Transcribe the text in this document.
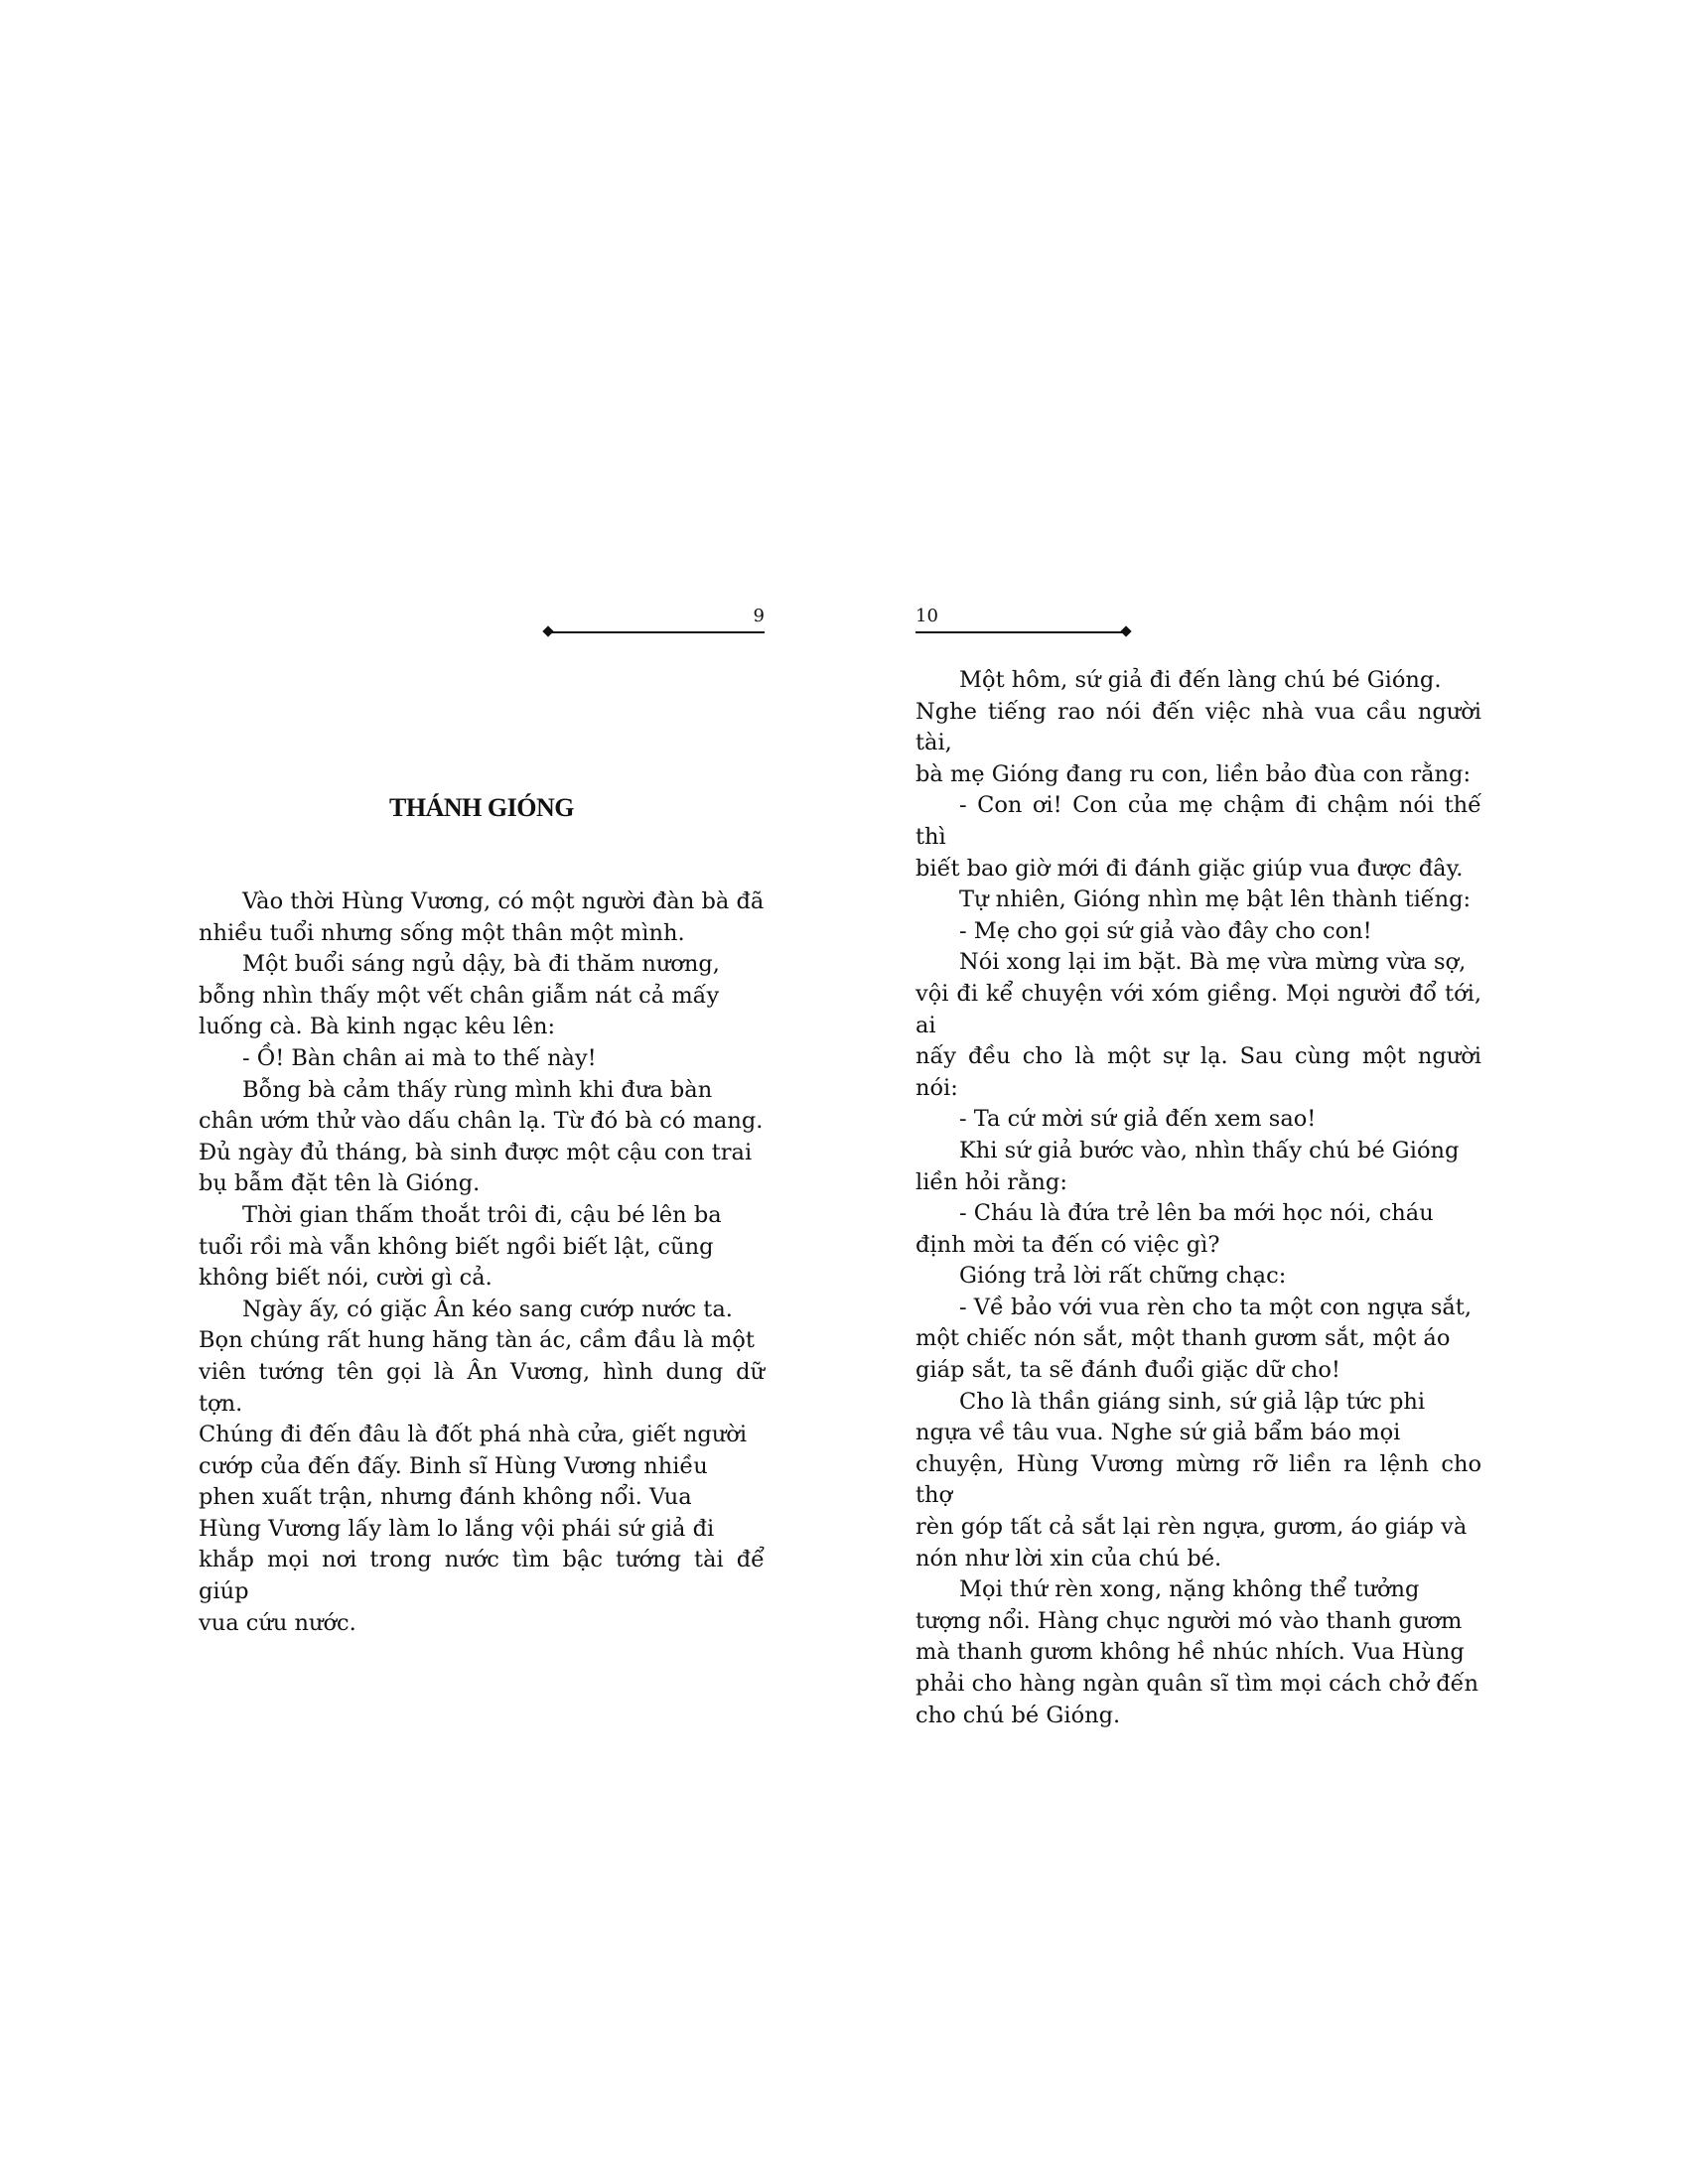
9
THÁNH GIÓNG

Vào thời Hùng Vương, có một người đàn bà đã
nhiều tuổi nhưng sống một thân một mình.

Một buổi sáng ngủ dậy, bà đi thăm nương,
bỗng nhìn thấy một vết chân giẫm nát cả mấy
luống cà. Bà kinh ngạc kêu lên:

- Ồ! Bàn chân ai mà to thế này!

Bỗng bà cảm thấy rùng mình khi đưa bàn
chân ướm thử vào dấu chân lạ. Từ đó bà có mang.
Đủ ngày đủ tháng, bà sinh được một cậu con trai
bụ bẫm đặt tên là Gióng.

Thời gian thấm thoắt trôi đi, cậu bé lên ba
tuổi rồi mà vẫn không biết ngồi biết lật, cũng
không biết nói, cười gì cả.

Ngày ấy, có giặc Ân kéo sang cướp nước ta.
Bọn chúng rất hung hăng tàn ác, cầm đầu là một
viên tướng tên gọi là Ân Vương, hình dung dữ tợn.
Chúng đi đến đâu là đốt phá nhà cửa, giết người
cướp của đến đấy. Binh sĩ Hùng Vương nhiều
phen xuất trận, nhưng đánh không nổi. Vua
Hùng Vương lấy làm lo lắng vội phái sứ giả đi
khắp mọi nơi trong nước tìm bậc tướng tài để giúp
vua cứu nước.

10

Một hôm, sứ giả đi đến làng chú bé Gióng.
Nghe tiếng rao nói đến việc nhà vua cầu người tài,
bà mẹ Gióng đang ru con, liền bảo đùa con rằng:

- Con ơi! Con của mẹ chậm đi chậm nói thế thì
biết bao giờ mới đi đánh giặc giúp vua được đây.

Tự nhiên, Gióng nhìn mẹ bật lên thành tiếng:

- Mẹ cho gọi sứ giả vào đây cho con!

Nói xong lại im bặt. Bà mẹ vừa mừng vừa sợ,
vội đi kể chuyện với xóm giềng. Mọi người đổ tới, ai
nấy đều cho là một sự lạ. Sau cùng một người nói:

- Ta cứ mời sứ giả đến xem sao!

Khi sứ giả bước vào, nhìn thấy chú bé Gióng
liền hỏi rằng:

- Cháu là đứa trẻ lên ba mới học nói, cháu
định mời ta đến có việc gì?

Gióng trả lời rất chững chạc:

- Về bảo với vua rèn cho ta một con ngựa sắt,
một chiếc nón sắt, một thanh gươm sắt, một áo
giáp sắt, ta sẽ đánh đuổi giặc dữ cho!

Cho là thần giáng sinh, sứ giả lập tức phi
ngựa về tâu vua. Nghe sứ giả bẩm báo mọi
chuyện, Hùng Vương mừng rỡ liền ra lệnh cho thợ
rèn góp tất cả sắt lại rèn ngựa, gươm, áo giáp và
nón như lời xin của chú bé.

Mọi thứ rèn xong, nặng không thể tưởng
tượng nổi. Hàng chục người mó vào thanh gươm
mà thanh gươm không hề nhúc nhích. Vua Hùng
phải cho hàng ngàn quân sĩ tìm mọi cách chở đến
cho chú bé Gióng.
